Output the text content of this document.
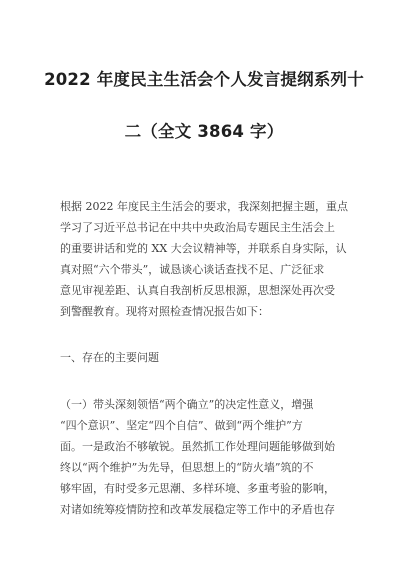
2022 年度民主生活会个人发言提纲系列十
二（全文 3864 字）
根据 2022 年度民主生活会的要求，我深刻把握主题，重点
学习了习近平总书记在中共中央政治局专题民主生活会上
的重要讲话和党的 XX 大会议精神等，并联系自身实际，认
真对照“六个带头”，诚恳谈心谈话查找不足、广泛征求
意见审视差距、认真自我剖析反思根源，思想深处再次受
到警醒教育。现将对照检查情况报告如下：
一、存在的主要问题
（一）带头深刻领悟“两个确立”的决定性意义，增强
“四个意识”、坚定“四个自信”、做到“两个维护”方
面。一是政治不够敏锐。虽然抓工作处理问题能够做到始
终以“两个维护”为先导，但思想上的“防火墙”筑的不
够牢固，有时受多元思潮、多样环境、多重考验的影响，
对诸如统筹疫情防控和改革发展稳定等工作中的矛盾也存
